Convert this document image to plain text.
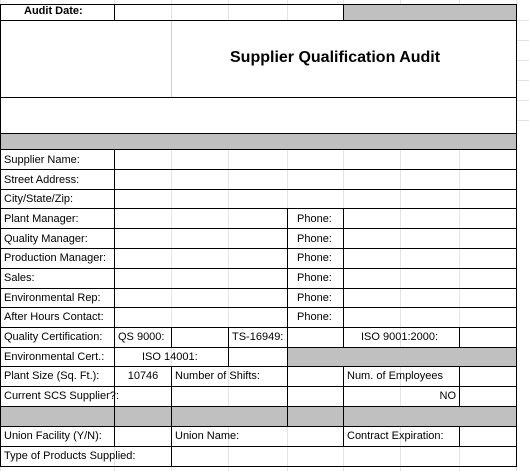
Audit Date:
Supplier Qualification Audit
Supplier Name:
Street Address:
City/State/Zip:
Plant Manager:	Phone:
Quality Manager:	Phone:
Production Manager:	Phone:
Sales:	Phone:
Environmental Rep:	Phone:
After Hours Contact:	Phone:
Quality Certification: QS 9000:	TS-16949:	ISO 9001:2000:
Environmental Cert.:	ISO 14001:
Plant Size (Sq. Ft.):	10746	Number of Shifts:	Num. of Employees
Current SCS Supplier?:	NO
Union Facility (Y/N):	Union Name:	Contract Expiration:
Type of Products Supplied:
